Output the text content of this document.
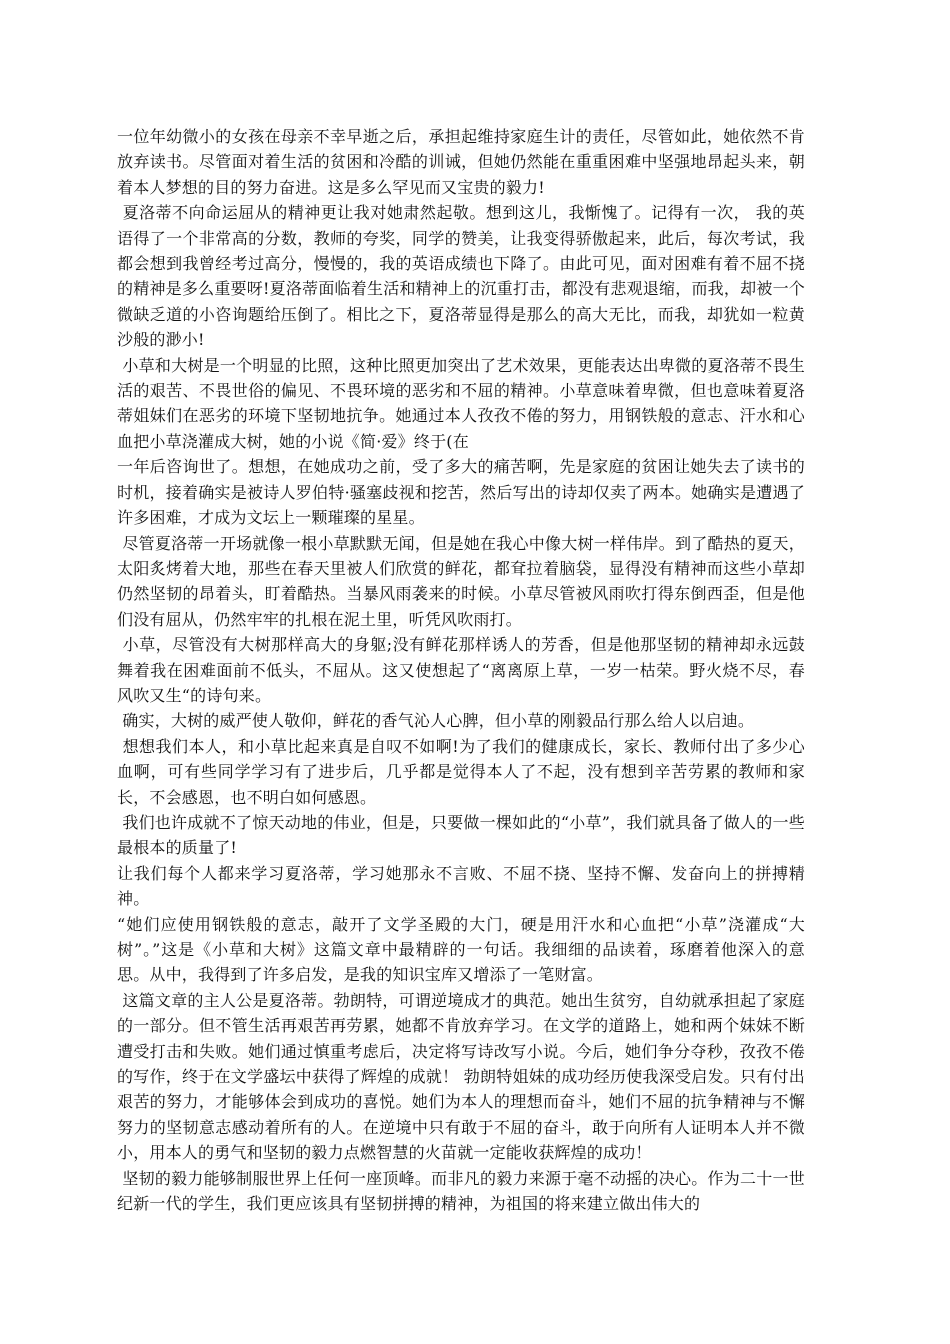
一位年幼微小的女孩在母亲不幸早逝之后，承担起维持家庭生计的责任，尽管如此，她依然不肯放弃读书。尽管面对着生活的贫困和冷酷的训诫，但她仍然能在重重困难中坚强地昂起头来，朝着本人梦想的目的努力奋进。这是多么罕见而又宝贵的毅力!

夏洛蒂不向命运屈从的精神更让我对她肃然起敬。想到这儿，我惭愧了。记得有一次， 我的英语得了一个非常高的分数，教师的夸奖，同学的赞美，让我变得骄傲起来，此后，每次考试，我都会想到我曾经考过高分，慢慢的，我的英语成绩也下降了。由此可见，面对困难有着不屈不挠的精神是多么重要呀!夏洛蒂面临着生活和精神上的沉重打击，都没有悲观退缩，而我，却被一个微缺乏道的小咨询题给压倒了。相比之下，夏洛蒂显得是那么的高大无比，而我，却犹如一粒黄沙般的渺小!

小草和大树是一个明显的比照，这种比照更加突出了艺术效果，更能表达出卑微的夏洛蒂不畏生活的艰苦、不畏世俗的偏见、不畏环境的恶劣和不屈的精神。小草意味着卑微，但也意味着夏洛蒂姐妹们在恶劣的环境下坚韧地抗争。她通过本人孜孜不倦的努力，用钢铁般的意志、汗水和心血把小草浇灌成大树，她的小说《简·爱》终于(在

一年后咨询世了。想想，在她成功之前，受了多大的痛苦啊，先是家庭的贫困让她失去了读书的时机，接着确实是被诗人罗伯特·骚塞歧视和挖苦，然后写出的诗却仅卖了两本。她确实是遭遇了许多困难，才成为文坛上一颗璀璨的星星。

尽管夏洛蒂一开场就像一根小草默默无闻，但是她在我心中像大树一样伟岸。到了酷热的夏天，太阳炙烤着大地，那些在春天里被人们欣赏的鲜花，都耷拉着脑袋，显得没有精神而这些小草却仍然坚韧的昂着头，盯着酷热。当暴风雨袭来的时候。小草尽管被风雨吹打得东倒西歪，但是他们没有屈从，仍然牢牢的扎根在泥土里，听凭风吹雨打。

小草，尽管没有大树那样高大的身躯;没有鲜花那样诱人的芳香，但是他那坚韧的精神却永远鼓舞着我在困难面前不低头，不屈从。这又使想起了“离离原上草，一岁一枯荣。野火烧不尽，春风吹又生“的诗句来。

确实，大树的威严使人敬仰，鲜花的香气沁人心脾，但小草的刚毅品行那么给人以启迪。

想想我们本人，和小草比起来真是自叹不如啊!为了我们的健康成长，家长、教师付出了多少心血啊，可有些同学学习有了进步后，几乎都是觉得本人了不起，没有想到辛苦劳累的教师和家长，不会感恩，也不明白如何感恩。

我们也许成就不了惊天动地的伟业，但是，只要做一棵如此的“小草”，我们就具备了做人的一些最根本的质量了!

让我们每个人都来学习夏洛蒂，学习她那永不言败、不屈不挠、坚持不懈、发奋向上的拼搏精神。

“她们应使用钢铁般的意志，敲开了文学圣殿的大门，硬是用汗水和心血把“小草”浇灌成“大树”。”这是《小草和大树》这篇文章中最精辟的一句话。我细细的品读着，琢磨着他深入的意思。从中，我得到了许多启发，是我的知识宝库又增添了一笔财富。

这篇文章的主人公是夏洛蒂。勃朗特，可谓逆境成才的典范。她出生贫穷，自幼就承担起了家庭的一部分。但不管生活再艰苦再劳累，她都不肯放弃学习。在文学的道路上，她和两个妹妹不断遭受打击和失败。她们通过慎重考虑后，决定将写诗改写小说。今后，她们争分夺秒，孜孜不倦的写作，终于在文学盛坛中获得了辉煌的成就！ 勃朗特姐妹的成功经历使我深受启发。只有付出艰苦的努力，才能够体会到成功的喜悦。她们为本人的理想而奋斗，她们不屈的抗争精神与不懈努力的坚韧意志感动着所有的人。在逆境中只有敢于不屈的奋斗，敢于向所有人证明本人并不微小，用本人的勇气和坚韧的毅力点燃智慧的火苗就一定能收获辉煌的成功！

坚韧的毅力能够制服世界上任何一座顶峰。而非凡的毅力来源于毫不动摇的决心。作为二十一世纪新一代的学生，我们更应该具有坚韧拼搏的精神，为祖国的将来建立做出伟大的
